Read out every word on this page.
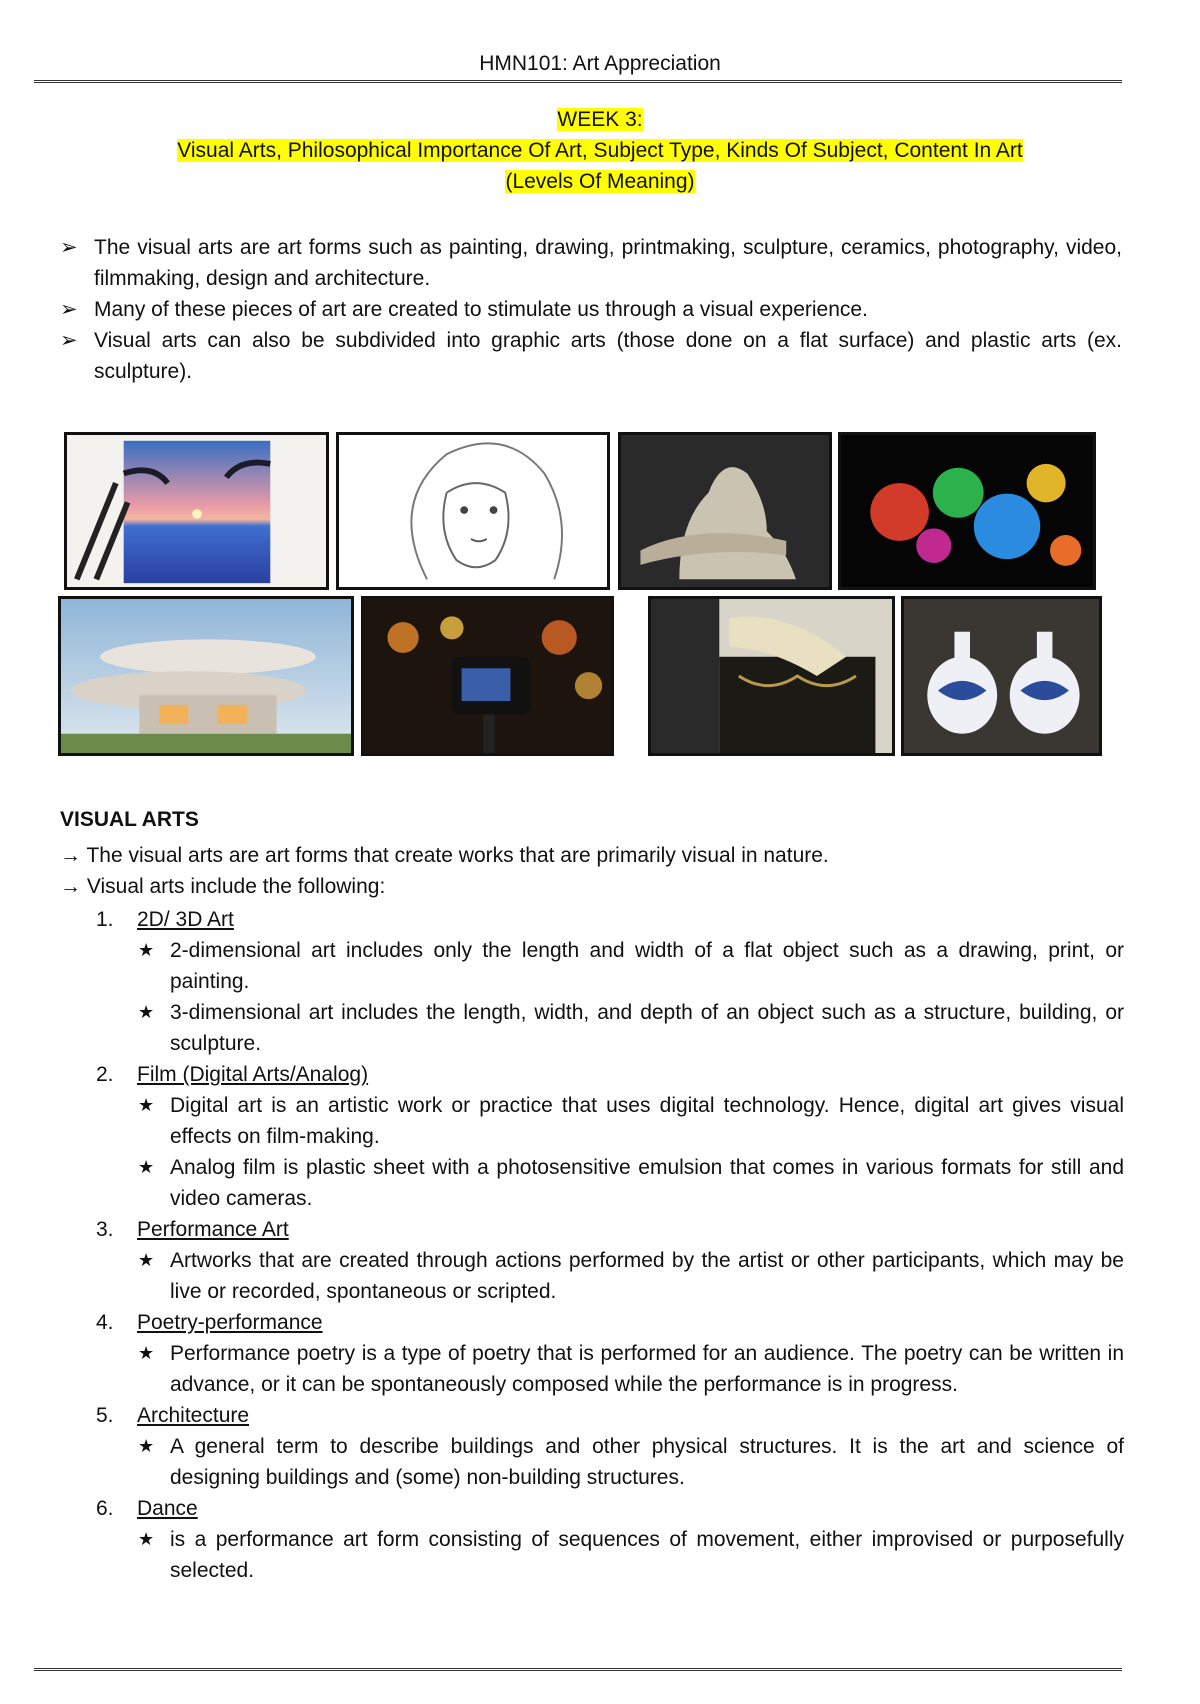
HMN101: Art Appreciation
WEEK 3:
Visual Arts, Philosophical Importance Of Art, Subject Type, Kinds Of Subject, Content In Art
(Levels Of Meaning)
➢ The visual arts are art forms such as painting, drawing, printmaking, sculpture, ceramics, photography, video, filmmaking, design and architecture.
➢ Many of these pieces of art are created to stimulate us through a visual experience.
➢ Visual arts can also be subdivided into graphic arts (those done on a flat surface) and plastic arts (ex. sculpture).
VISUAL ARTS
→ The visual arts are art forms that create works that are primarily visual in nature.
→ Visual arts include the following:
1. 2D/ 3D Art
★ 2-dimensional art includes only the length and width of a flat object such as a drawing, print, or painting.
★ 3-dimensional art includes the length, width, and depth of an object such as a structure, building, or sculpture.
2. Film (Digital Arts/Analog)
★ Digital art is an artistic work or practice that uses digital technology. Hence, digital art gives visual effects on film-making.
★ Analog film is plastic sheet with a photosensitive emulsion that comes in various formats for still and video cameras.
3. Performance Art
★ Artworks that are created through actions performed by the artist or other participants, which may be live or recorded, spontaneous or scripted.
4. Poetry-performance
★ Performance poetry is a type of poetry that is performed for an audience. The poetry can be written in advance, or it can be spontaneously composed while the performance is in progress.
5. Architecture
★ A general term to describe buildings and other physical structures. It is the art and science of designing buildings and (some) non-building structures.
6. Dance
★ is a performance art form consisting of sequences of movement, either improvised or purposefully selected.
